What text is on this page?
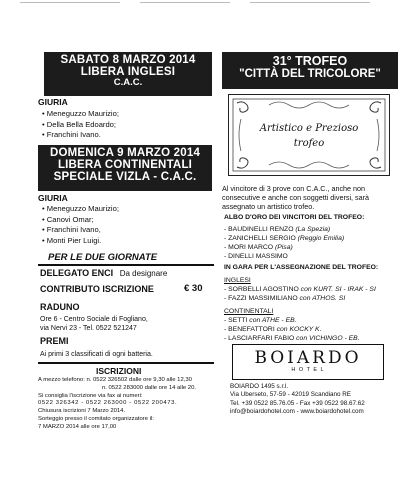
SABATO 8 MARZO 2014
LIBERA INGLESI
C.A.C.
GIURIA
• Meneguzzo Maurizio;
• Della Bella Edoardo;
• Franchini Ivano.
DOMENICA 9 MARZO 2014
LIBERA CONTINENTALI
SPECIALE VIZLA - C.A.C.
GIURIA
• Meneguzzo Maurizio;
• Canovi Omar;
• Franchini Ivano,
• Monti Pier Luigi.
PER LE DUE GIORNATE
DELEGATO ENCI Da designare
CONTRIBUTO ISCRIZIONE	€ 30
RADUNO
Ore 6 - Centro Sociale di Fogliano,
via Nervi 23 - Tel. 0522 521247
PREMI
Ai primi 3 classificati di ogni batteria.
ISCRIZIONI
A mezzo telefono: n. 0522 326502 dalle ore 9,30 alle 12,30
n. 0522 283000 dalle ore 14 alle 20.
Si consiglia l'iscrizione via fax ai numeri:
0522 326342 - 0522 263000 - 0522 200473.
Chiusura iscrizioni 7 Marzo 2014.
Sorteggio presso il comitato organizzatore il:
7 MARZO 2014 alle ore 17,00
31° TROFEO
"CITTÀ DEL TRICOLORE"
Artistico e Prezioso
trofeo
Al vincitore di 3 prove con C.A.C., anche non consecutive e anche con soggetti diversi, sarà assegnato un artistico trofeo.
ALBO D'ORO DEI VINCITORI DEL TROFEO:
- BAUDINELLI RENZO (La Spezia)
- ZANICHELLI SERGIO (Reggio Emilia)
- MORI MARCO (Pisa)
- DINELLI MASSIMO
IN GARA PER L'ASSEGNAZIONE DEL TROFEO:
INGLESI
- SORBELLI AGOSTINO con KURT. SI - IRAK - SI
- FAZZI MASSIMILIANO con ATHOS. SI
CONTINENTALI
- SETTI con ATHE - EB.
- BENEFATTORI con KOCKY K.
- LASCIARFARI FABIO con VICHINGO - EB.
BOIARDO
H O T E L
BOIARDO 1495 s.r.l.
Via Uberseto, 57-59 - 42019 Scandiano RE
Tel. +39 0522 85.76.05 - Fax +39 0522 98.67.62
info@boiardohotel.com - www.boiardohotel.com
